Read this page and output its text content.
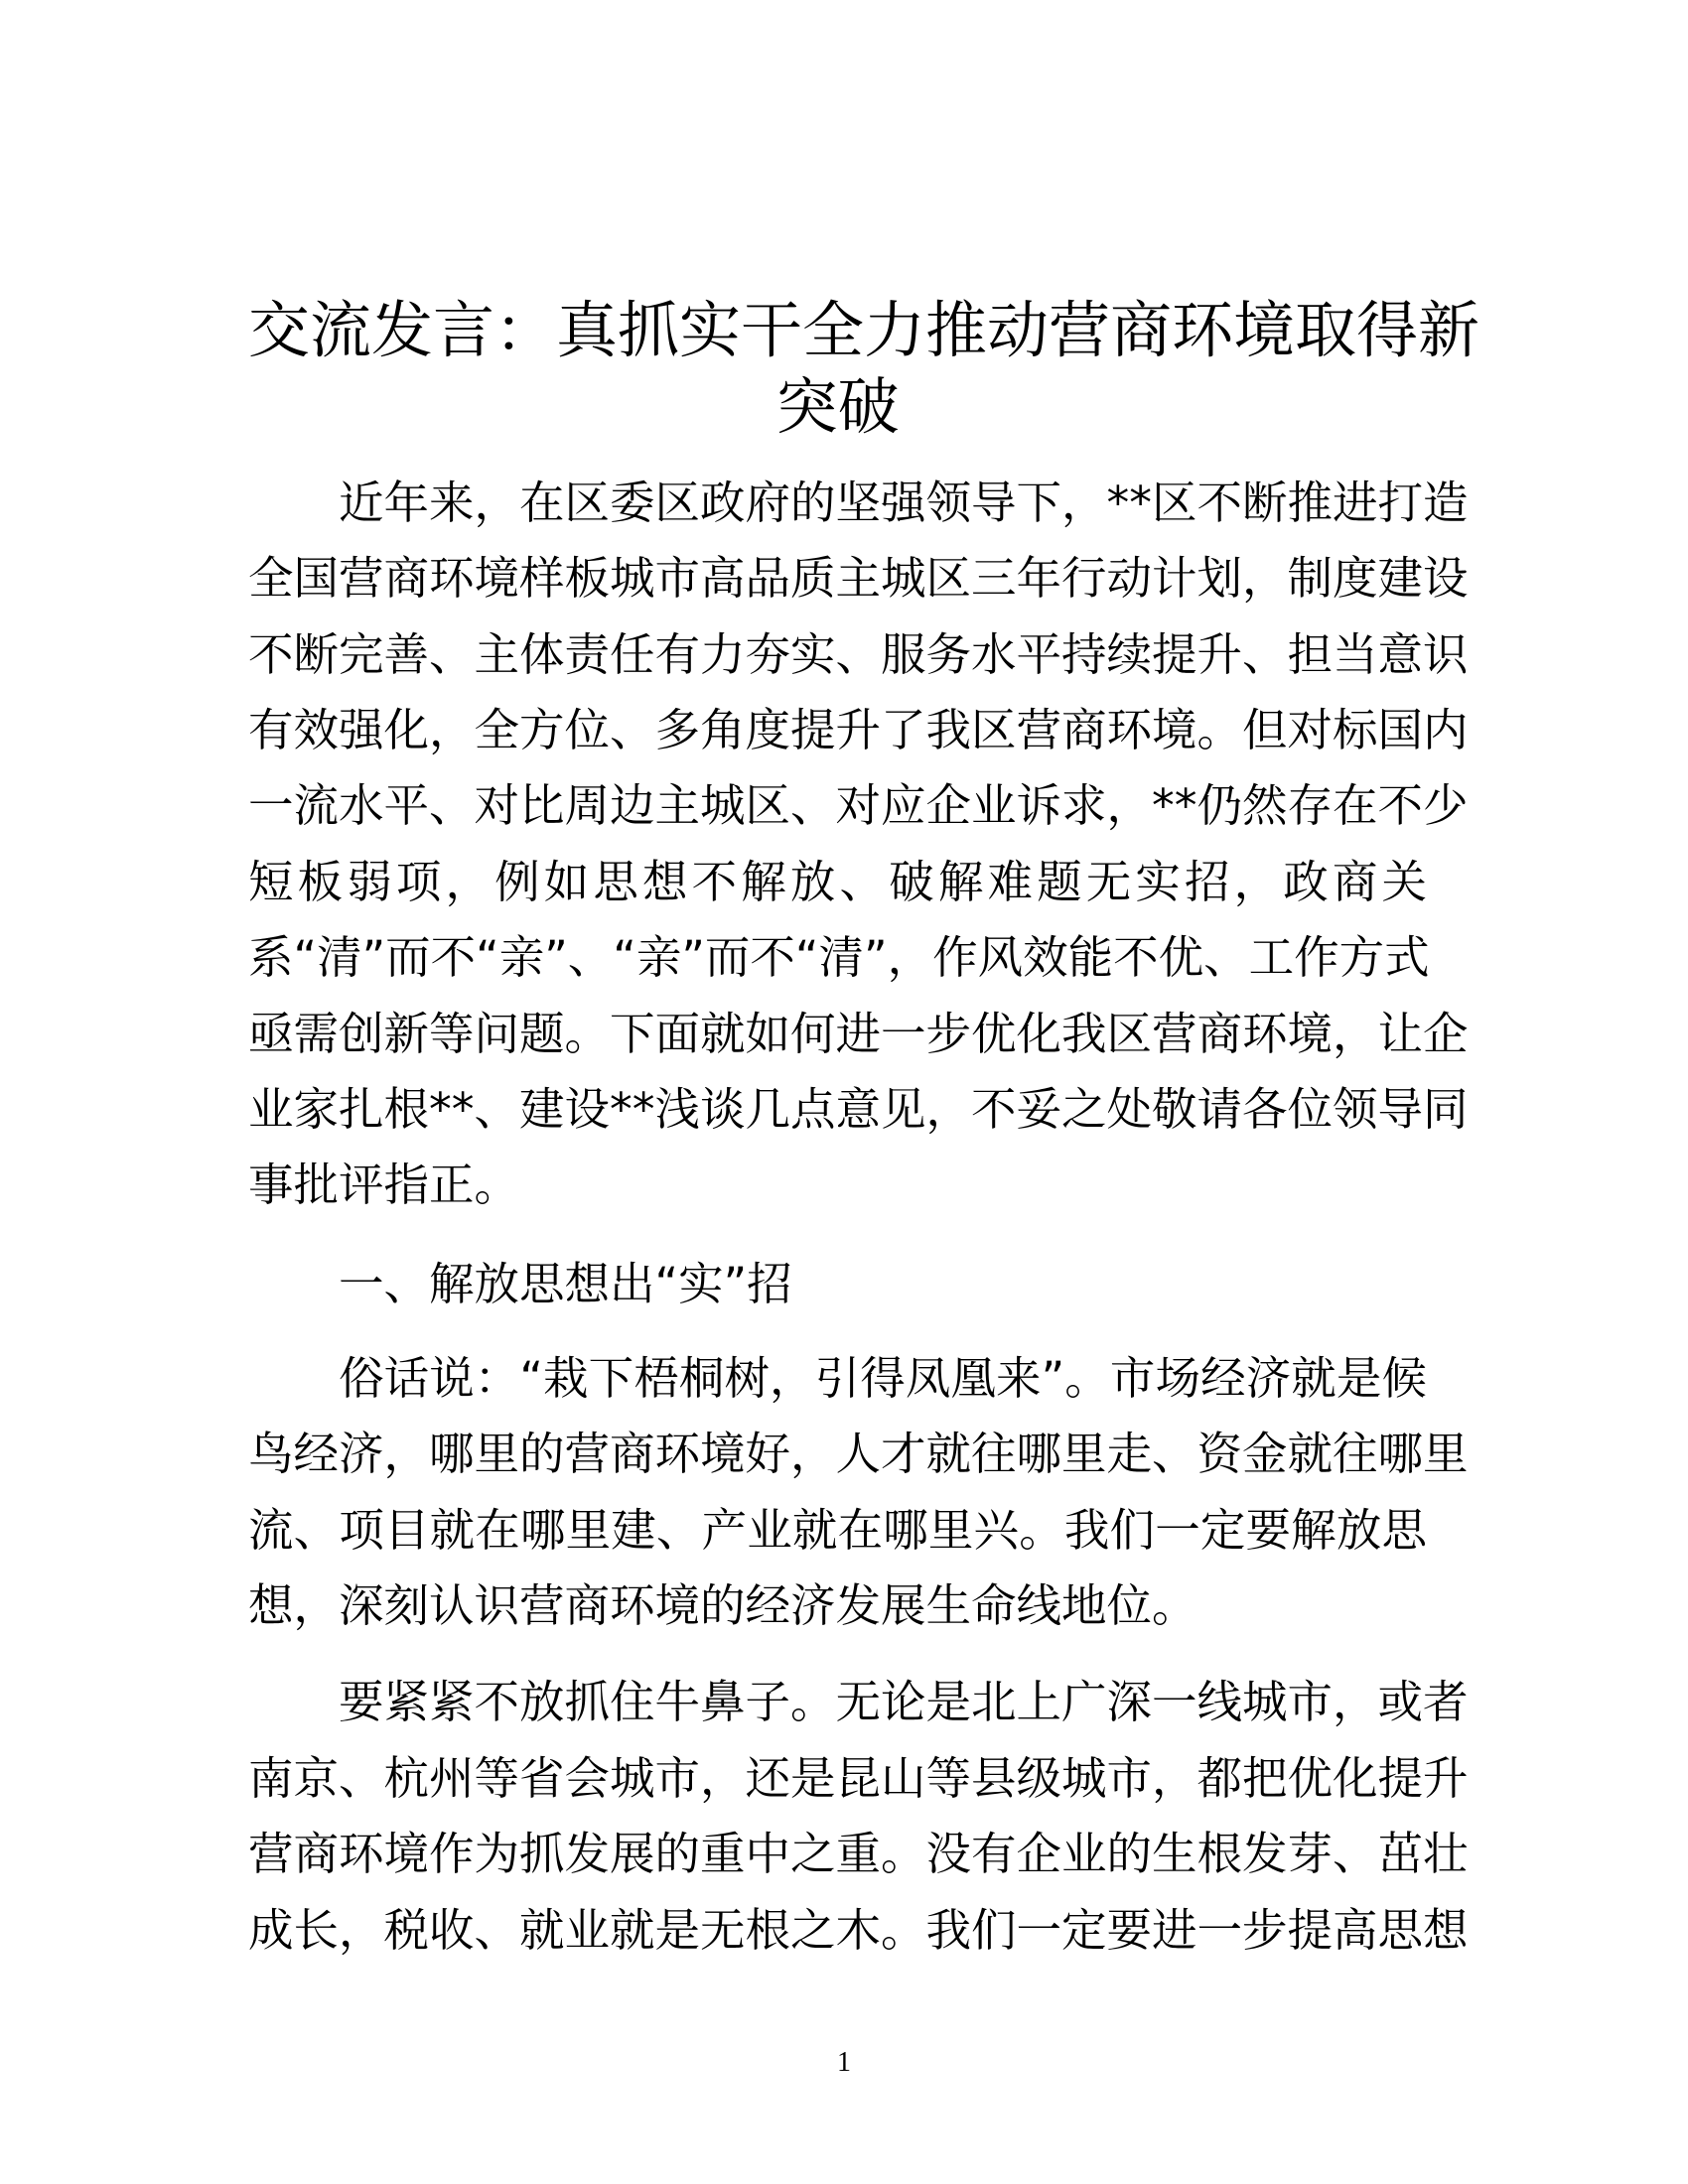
交流发言：真抓实干全力推动营商环境取得新
突破
近年来，在区委区政府的坚强领导下，**区不断推进打造
全国营商环境样板城市高品质主城区三年行动计划，制度建设
不断完善、主体责任有力夯实、服务水平持续提升、担当意识
有效强化，全方位、多角度提升了我区营商环境。但对标国内
一流水平、对比周边主城区、对应企业诉求，**仍然存在不少
短板弱项，例如思想不解放、破解难题无实招，政商关
系“清”而不“亲”、“亲”而不“清”，作风效能不优、工作方式
亟需创新等问题。下面就如何进一步优化我区营商环境，让企
业家扎根**、建设**浅谈几点意见，不妥之处敬请各位领导同
事批评指正。
一、解放思想出“实”招
俗话说：“栽下梧桐树，引得凤凰来”。市场经济就是候
鸟经济，哪里的营商环境好，人才就往哪里走、资金就往哪里
流、项目就在哪里建、产业就在哪里兴。我们一定要解放思
想，深刻认识营商环境的经济发展生命线地位。
要紧紧不放抓住牛鼻子。无论是北上广深一线城市，或者
南京、杭州等省会城市，还是昆山等县级城市，都把优化提升
营商环境作为抓发展的重中之重。没有企业的生根发芽、茁壮
成长，税收、就业就是无根之木。我们一定要进一步提高思想
1
